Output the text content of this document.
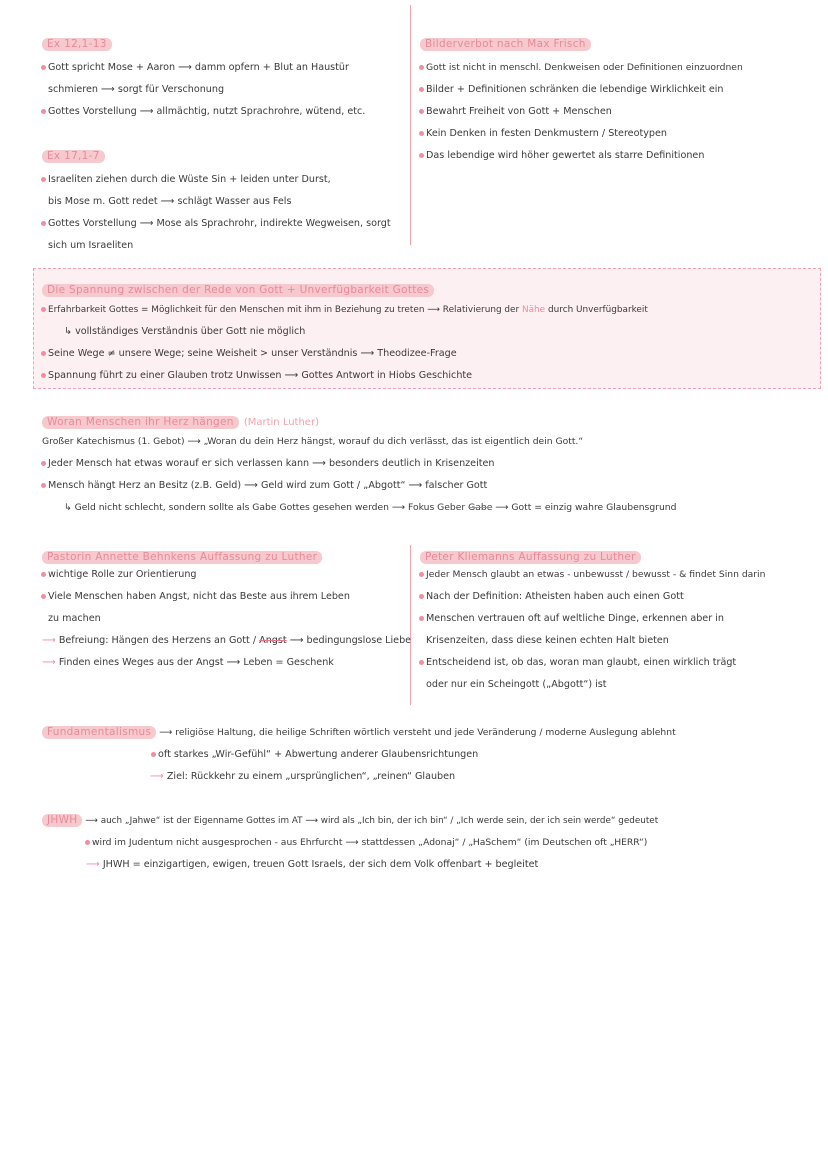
Ex 12,1-13
Gott spricht Mose + Aaron ⟶ damm opfern + Blut an Haustür
schmieren ⟶ sorgt für Verschonung
Gottes Vorstellung ⟶ allmächtig, nutzt Sprachrohre, wütend, etc.
Ex 17,1-7
Israeliten ziehen durch die Wüste Sin + leiden unter Durst,
bis Mose m. Gott redet ⟶ schlägt Wasser aus Fels
Gottes Vorstellung ⟶ Mose als Sprachrohr, indirekte Wegweisen, sorgt
sich um Israeliten
Bilderverbot nach Max Frisch
Gott ist nicht in menschl. Denkweisen oder Definitionen einzuordnen
Bilder + Definitionen schränken die lebendige Wirklichkeit ein
Bewahrt Freiheit von Gott + Menschen
Kein Denken in festen Denkmustern / Stereotypen
Das lebendige wird höher gewertet als starre Definitionen
Die Spannung zwischen der Rede von Gott + Unverfügbarkeit Gottes
Erfahrbarkeit Gottes = Möglichkeit für den Menschen mit ihm in Beziehung zu treten ⟶ Relativierung der Nähe durch Unverfügbarkeit
↳ vollständiges Verständnis über Gott nie möglich
Seine Wege ≠ unsere Wege; seine Weisheit > unser Verständnis ⟶ Theodizee-Frage
Spannung führt zu einer Glauben trotz Unwissen ⟶ Gottes Antwort in Hiobs Geschichte
Woran Menschen ihr Herz hängen (Martin Luther)
Großer Katechismus (1. Gebot) ⟶ „Woran du dein Herz hängst, worauf du dich verlässt, das ist eigentlich dein Gott.“
Jeder Mensch hat etwas worauf er sich verlassen kann ⟶ besonders deutlich in Krisenzeiten
Mensch hängt Herz an Besitz (z.B. Geld) ⟶ Geld wird zum Gott / „Abgott“ ⟶ falscher Gott
↳ Geld nicht schlecht, sondern sollte als Gabe Gottes gesehen werden ⟶ Fokus Geber Gabe ⟶ Gott = einzig wahre Glaubensgrund
Pastorin Annette Behnkens Auffassung zu Luther
wichtige Rolle zur Orientierung
Viele Menschen haben Angst, nicht das Beste aus ihrem Leben
zu machen
⟶ Befreiung: Hängen des Herzens an Gott / Angst ⟶ bedingungslose Liebe
⟶ Finden eines Weges aus der Angst ⟶ Leben = Geschenk
Peter Kliemanns Auffassung zu Luther
Jeder Mensch glaubt an etwas - unbewusst / bewusst - & findet Sinn darin
Nach der Definition: Atheisten haben auch einen Gott
Menschen vertrauen oft auf weltliche Dinge, erkennen aber in
Krisenzeiten, dass diese keinen echten Halt bieten
Entscheidend ist, ob das, woran man glaubt, einen wirklich trägt
oder nur ein Scheingott („Abgott“) ist
Fundamentalismus ⟶ religiöse Haltung, die heilige Schriften wörtlich versteht und jede Veränderung / moderne Auslegung ablehnt
oft starkes „Wir-Gefühl“ + Abwertung anderer Glaubensrichtungen
⟶ Ziel: Rückkehr zu einem „ursprünglichen“, „reinen“ Glauben
JHWH ⟶ auch „Jahwe“ ist der Eigenname Gottes im AT ⟶ wird als „Ich bin, der ich bin“ / „Ich werde sein, der ich sein werde“ gedeutet
wird im Judentum nicht ausgesprochen - aus Ehrfurcht ⟶ stattdessen „Adonaj“ / „HaSchem“ (im Deutschen oft „HERR“)
⟶ JHWH = einzigartigen, ewigen, treuen Gott Israels, der sich dem Volk offenbart + begleitet
